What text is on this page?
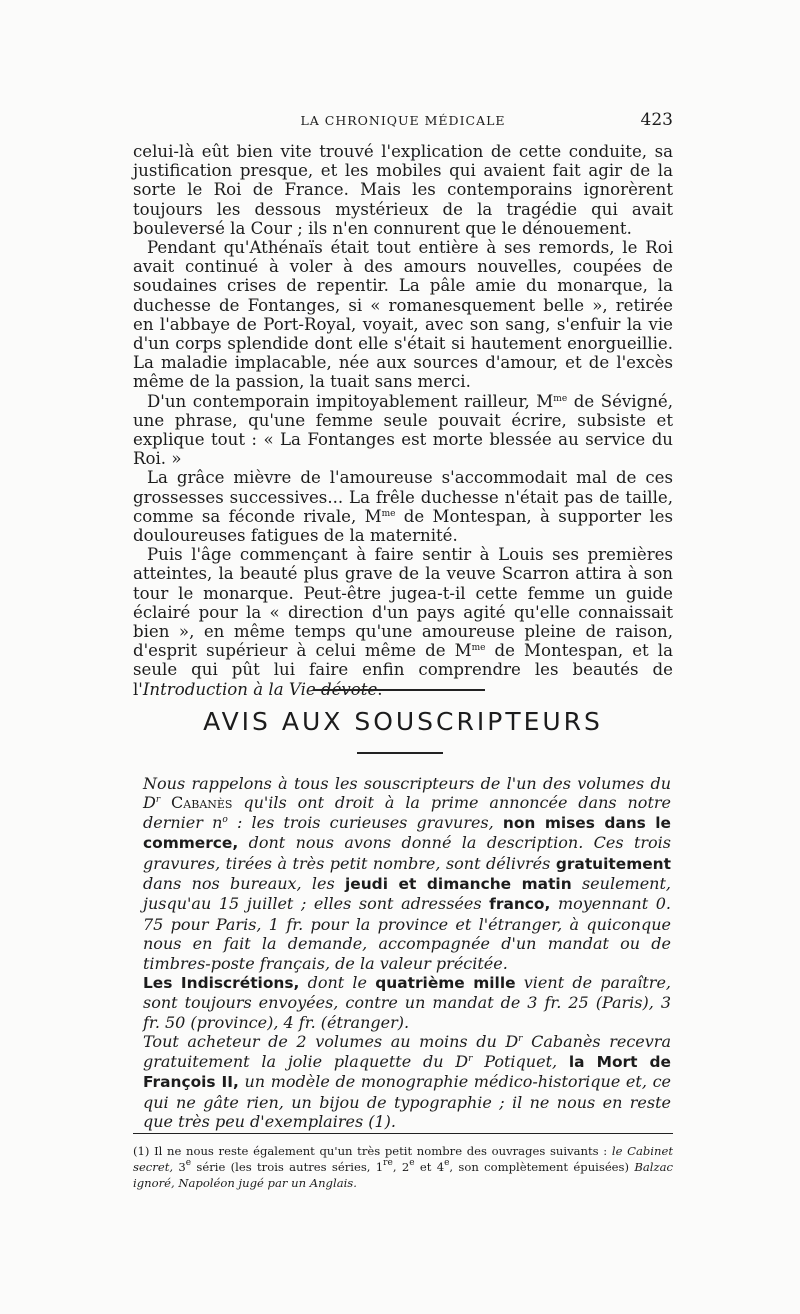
LA CHRONIQUE MÉDICALE	423

celui-là eût bien vite trouvé l'explication de cette conduite, sa justification presque, et les mobiles qui avaient fait agir de la sorte le Roi de France. Mais les contemporains ignorèrent toujours les dessous mystérieux de la tragédie qui avait bouleversé la Cour ; ils n'en connurent que le dénouement.

Pendant qu'Athénaïs était tout entière à ses remords, le Roi avait continué à voler à des amours nouvelles, coupées de soudaines crises de repentir. La pâle amie du monarque, la duchesse de Fontanges, si « romanesquement belle », retirée en l'abbaye de Port-Royal, voyait, avec son sang, s'enfuir la vie d'un corps splendide dont elle s'était si hautement enorgueillie. La maladie implacable, née aux sources d'amour, et de l'excès même de la passion, la tuait sans merci.

D'un contemporain impitoyablement railleur, $M^{me}$ de Sévigné, une phrase, qu'une femme seule pouvait écrire, subsiste et explique tout : « La Fontanges est morte blessée au service du Roi. »

La grâce mièvre de l'amoureuse s'accommodait mal de ces grossesses successives... La frêle duchesse n'était pas de taille, comme sa féconde rivale, $M^{me}$ de Montespan, à supporter les douloureuses fatigues de la maternité.

Puis l'âge commençant à faire sentir à Louis ses premières atteintes, la beauté plus grave de la veuve Scarron attira à son tour le monarque. Peut-être jugea-t-il cette femme un guide éclairé pour la « direction d'un pays agité qu'elle connaissait bien », en même temps qu'une amoureuse pleine de raison, d'esprit supérieur à celui même de $M^{me}$ de Montespan, et la seule qui pût lui faire enfin comprendre les beautés de l'Introduction à la Vie dévote.

AVIS AUX SOUSCRIPTEURS

Nous rappelons à tous les souscripteurs de l'un des volumes du $D^r$ Cabanès qu'ils ont droit à la prime annoncée dans notre dernier $n^o$ : les trois curieuses gravures, non mises dans le commerce, dont nous avons donné la description. Ces trois gravures, tirées à très petit nombre, sont délivrés gratuitement dans nos bureaux, les jeudi et dimanche matin seulement, jusqu'au 15 juillet ; elles sont adressées franco, moyennant 0. 75 pour Paris, 1 fr. pour la province et l'étranger, à quiconque nous en fait la demande, accompagnée d'un mandat ou de timbres-poste français, de la valeur précitée.

Les Indiscrétions, dont le quatrième mille vient de paraître, sont toujours envoyées, contre un mandat de 3 fr. 25 (Paris), 3 fr. 50 (province), 4 fr. (étranger).

Tout acheteur de 2 volumes au moins du $D^r$ Cabanès recevra gratuitement la jolie plaquette du $D^r$ Potiquet, la Mort de François II, un modèle de monographie médico-historique et, ce qui ne gâte rien, un bijou de typographie ; il ne nous en reste que très peu d'exemplaires (1).

(1) Il ne nous reste également qu'un très petit nombre des ouvrages suivants : le Cabinet secret, 3e série (les trois autres séries, 1re, 2e et 4e, son complètement épuisées) Balzac ignoré, Napoléon jugé par un Anglais.
